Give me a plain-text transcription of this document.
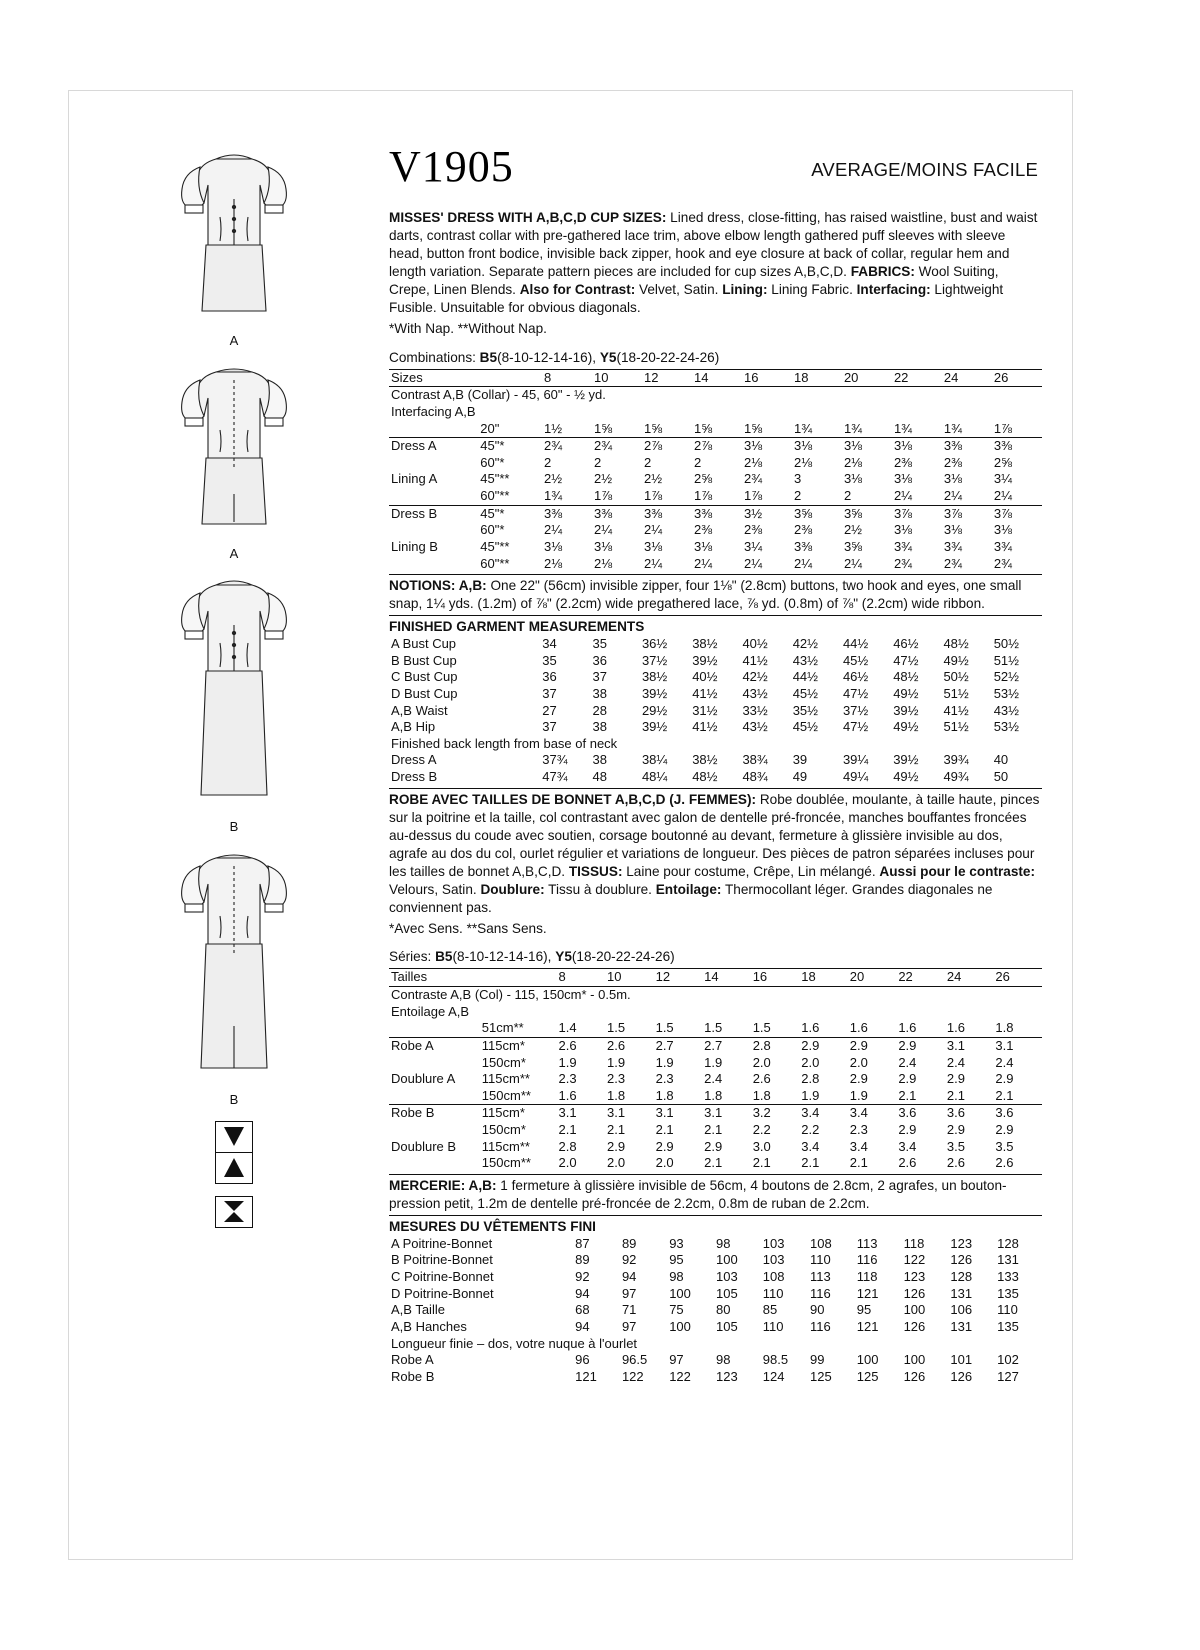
V1905	AVERAGE/MOINS FACILE
A
A
B
B
MISSES' DRESS WITH A,B,C,D CUP SIZES: Lined dress, close-fitting, has raised waistline, bust and waist darts, contrast collar with pre-gathered lace trim, above elbow length gathered puff sleeves with sleeve head, button front bodice, invisible back zipper, hook and eye closure at back of collar, regular hem and length variation. Separate pattern pieces are included for cup sizes A,B,C,D. FABRICS: Wool Suiting, Crepe, Linen Blends. Also for Contrast: Velvet, Satin. Lining: Lining Fabric. Interfacing: Lightweight Fusible. Unsuitable for obvious diagonals.
*With Nap. **Without Nap.
Combinations: B5(8-10-12-14-16), Y5(18-20-22-24-26)
Sizes		8	10	12	14	16	18	20	22	24	26
Contrast A,B (Collar) - 45, 60" - ½ yd.											
Interfacing A,B											
	20"	1½	1⅝	1⅝	1⅝	1⅝	1¾	1¾	1¾	1¾	1⅞
Dress A	45"*	2¾	2¾	2⅞	2⅞	3⅛	3⅛	3⅛	3⅛	3⅜	3⅜
	60"*	2	2	2	2	2⅛	2⅛	2⅛	2⅜	2⅜	2⅝
Lining A	45"**	2½	2½	2½	2⅝	2¾	3	3⅛	3⅛	3⅛	3¼
	60"**	1¾	1⅞	1⅞	1⅞	1⅞	2	2	2¼	2¼	2¼
Dress B	45"*	3⅜	3⅜	3⅜	3⅜	3½	3⅝	3⅝	3⅞	3⅞	3⅞
	60"*	2¼	2¼	2¼	2⅜	2⅜	2⅜	2½	3⅛	3⅛	3⅛
Lining B	45"**	3⅛	3⅛	3⅛	3⅛	3¼	3⅜	3⅝	3¾	3¾	3¾
	60"**	2⅛	2⅛	2¼	2¼	2¼	2¼	2¼	2¾	2¾	2¾
NOTIONS: A,B: One 22" (56cm) invisible zipper, four 1⅛" (2.8cm) buttons, two hook and eyes, one small snap, 1¼ yds. (1.2m) of ⅞" (2.2cm) wide pregathered lace, ⅞ yd. (0.8m) of ⅞" (2.2cm) wide ribbon.
FINISHED GARMENT MEASUREMENTS
A Bust Cup	34	35	36½	38½	40½	42½	44½	46½	48½	50½
B Bust Cup	35	36	37½	39½	41½	43½	45½	47½	49½	51½
C Bust Cup	36	37	38½	40½	42½	44½	46½	48½	50½	52½
D Bust Cup	37	38	39½	41½	43½	45½	47½	49½	51½	53½
A,B Waist	27	28	29½	31½	33½	35½	37½	39½	41½	43½
A,B Hip	37	38	39½	41½	43½	45½	47½	49½	51½	53½
Finished back length from base of neck										
Dress A	37¾	38	38¼	38½	38¾	39	39¼	39½	39¾	40
Dress B	47¾	48	48¼	48½	48¾	49	49¼	49½	49¾	50
ROBE AVEC TAILLES DE BONNET A,B,C,D (J. FEMMES): Robe doublée, moulante, à taille haute, pinces sur la poitrine et la taille, col contrastant avec galon de dentelle pré-froncée, manches bouffantes froncées au-dessus du coude avec soutien, corsage boutonné au devant, fermeture à glissière invisible au dos, agrafe au dos du col, ourlet régulier et variations de longueur. Des pièces de patron séparées incluses pour les tailles de bonnet A,B,C,D. TISSUS: Laine pour costume, Crêpe, Lin mélangé. Aussi pour le contraste: Velours, Satin. Doublure: Tissu à doublure. Entoilage: Thermocollant léger. Grandes diagonales ne conviennent pas.
*Avec Sens. **Sans Sens.
Séries: B5(8-10-12-14-16), Y5(18-20-22-24-26)
Tailles		8	10	12	14	16	18	20	22	24	26
Contraste A,B (Col) - 115, 150cm* - 0.5m.											
Entoilage A,B											
	51cm**	1.4	1.5	1.5	1.5	1.5	1.6	1.6	1.6	1.6	1.8
Robe A	115cm*	2.6	2.6	2.7	2.7	2.8	2.9	2.9	2.9	3.1	3.1
	150cm*	1.9	1.9	1.9	1.9	2.0	2.0	2.0	2.4	2.4	2.4
Doublure A	115cm**	2.3	2.3	2.3	2.4	2.6	2.8	2.9	2.9	2.9	2.9
	150cm**	1.6	1.8	1.8	1.8	1.8	1.9	1.9	2.1	2.1	2.1
Robe B	115cm*	3.1	3.1	3.1	3.1	3.2	3.4	3.4	3.6	3.6	3.6
	150cm*	2.1	2.1	2.1	2.1	2.2	2.2	2.3	2.9	2.9	2.9
Doublure B	115cm**	2.8	2.9	2.9	2.9	3.0	3.4	3.4	3.4	3.5	3.5
	150cm**	2.0	2.0	2.0	2.1	2.1	2.1	2.1	2.6	2.6	2.6
MERCERIE: A,B: 1 fermeture à glissière invisible de 56cm, 4 boutons de 2.8cm, 2 agrafes, un bouton-pression petit, 1.2m de dentelle pré-froncée de 2.2cm, 0.8m de ruban de 2.2cm.
MESURES DU VÊTEMENTS FINI
A Poitrine-Bonnet	87	89	93	98	103	108	113	118	123	128
B Poitrine-Bonnet	89	92	95	100	103	110	116	122	126	131
C Poitrine-Bonnet	92	94	98	103	108	113	118	123	128	133
D Poitrine-Bonnet	94	97	100	105	110	116	121	126	131	135
A,B Taille	68	71	75	80	85	90	95	100	106	110
A,B Hanches	94	97	100	105	110	116	121	126	131	135
Longueur finie – dos, votre nuque à l'ourlet										
Robe A	96	96.5	97	98	98.5	99	100	100	101	102
Robe B	121	122	122	123	124	125	125	126	126	127
